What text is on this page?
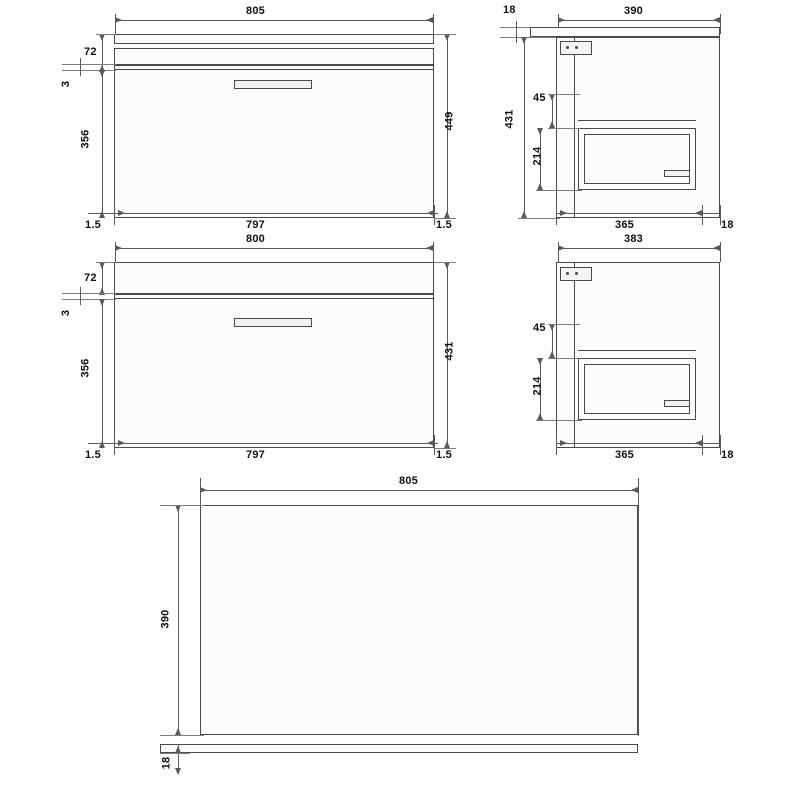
805
72
3
356
449
797
1.5	1.5
390
18
431
45
214
365	18
800
72
3
356
431
797
1.5	1.5
383
45
214
365	18
805
390
18
